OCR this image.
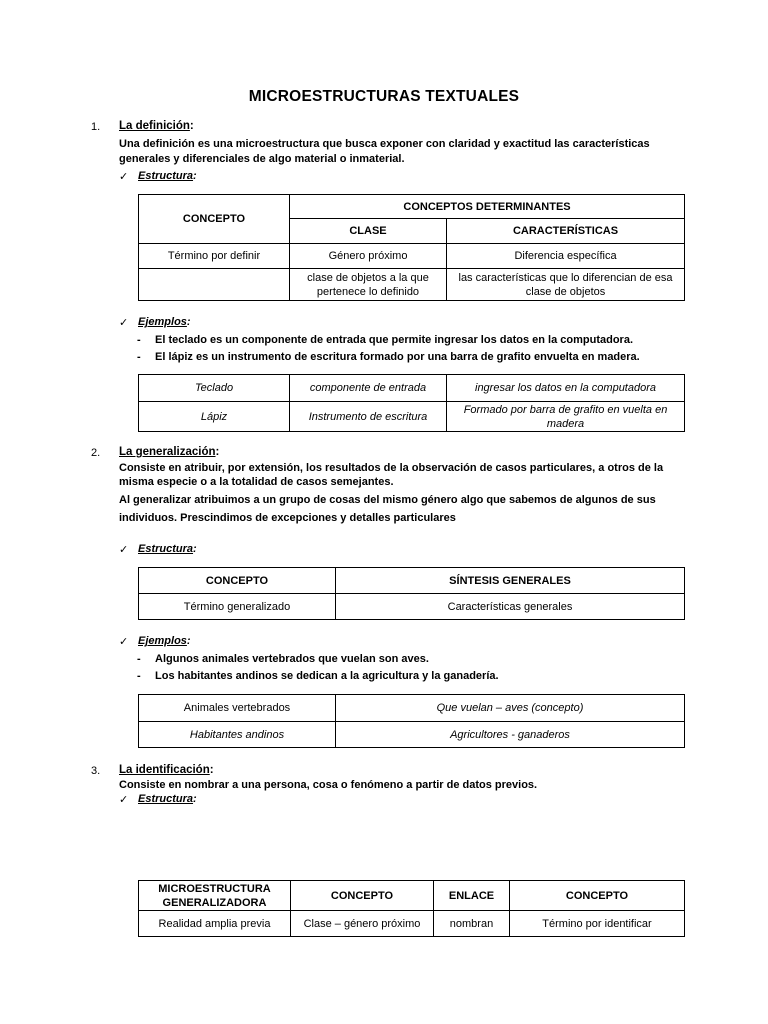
MICROESTRUCTURAS TEXTUALES
1. La definición:
Una definición es una microestructura que busca exponer con claridad y exactitud las características generales y diferenciales de algo material o inmaterial.
✓ Estructura:
CONCEPTO	CONCEPTOS DETERMINANTES	
	CLASE	CARACTERÍSTICAS
Término por definir	Género próximo	Diferencia específica
	clase de objetos a la que pertenece lo definido	las características que lo diferencian de esa clase de objetos
✓ Ejemplos:
- El teclado es un componente de entrada que permite ingresar los datos en la computadora.
- El lápiz es un instrumento de escritura formado por una barra de grafito envuelta en madera.
Teclado	componente de entrada	ingresar los datos en la computadora
Lápiz	Instrumento de escritura	Formado por barra de grafito en vuelta en madera
2. La generalización:
Consiste en atribuir, por extensión, los resultados de la observación de casos particulares, a otros de la misma especie o a la totalidad de casos semejantes.
Al generalizar atribuimos a un grupo de cosas del mismo género algo que sabemos de algunos de sus individuos. Prescindimos de excepciones y detalles particulares
✓ Estructura:
CONCEPTO	SÍNTESIS GENERALES
Término generalizado	Características generales
✓ Ejemplos:
- Algunos animales vertebrados que vuelan son aves.
- Los habitantes andinos se dedican a la agricultura y la ganadería.
Animales vertebrados	Que vuelan – aves (concepto)
Habitantes andinos	Agricultores - ganaderos
3. La identificación:
Consiste en nombrar a una persona, cosa o fenómeno a partir de datos previos.
✓ Estructura:
MICROESTRUCTURA GENERALIZADORA	CONCEPTO	ENLACE	CONCEPTO
Realidad amplia previa	Clase – género próximo	nombran	Término por identificar
